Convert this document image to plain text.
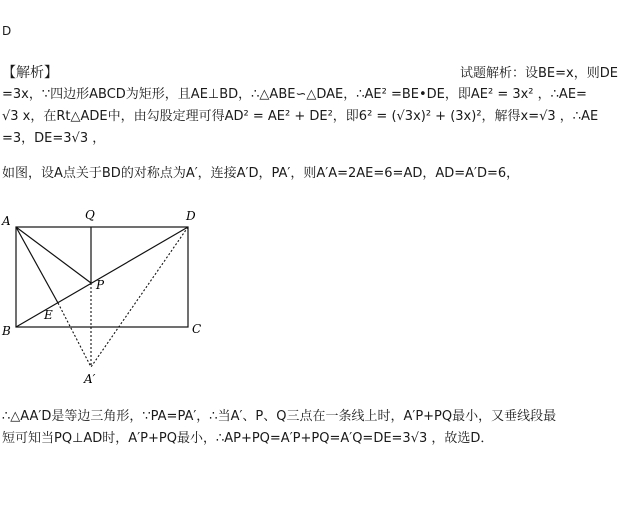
D
【解析】	试题解析：设BE=x，则DE
=3x，∵四边形ABCD为矩形，且AE⊥BD，∴△ABE∽△DAE，∴AE² =BE•DE，即AE² = 3x² ，∴AE=
√3 x，在Rt△ADE中，由勾股定理可得AD² = AE² + DE²，即6² = (√3x)² + (3x)²，解得x=√3 ，∴AE
=3，DE=3√3 ，
如图，设A点关于BD的对称点为A′，连接A′D，PA′，则A′A=2AE=6=AD，AD=A′D=6，
A	Q	D
P
E
B	C
A′
∴△AA′D是等边三角形，∵PA=PA′，∴当A′、P、Q三点在一条线上时，A′P+PQ最小，又垂线段最
短可知当PQ⊥AD时，A′P+PQ最小，∴AP+PQ=A′P+PQ=A′Q=DE=3√3 ，故选D．
